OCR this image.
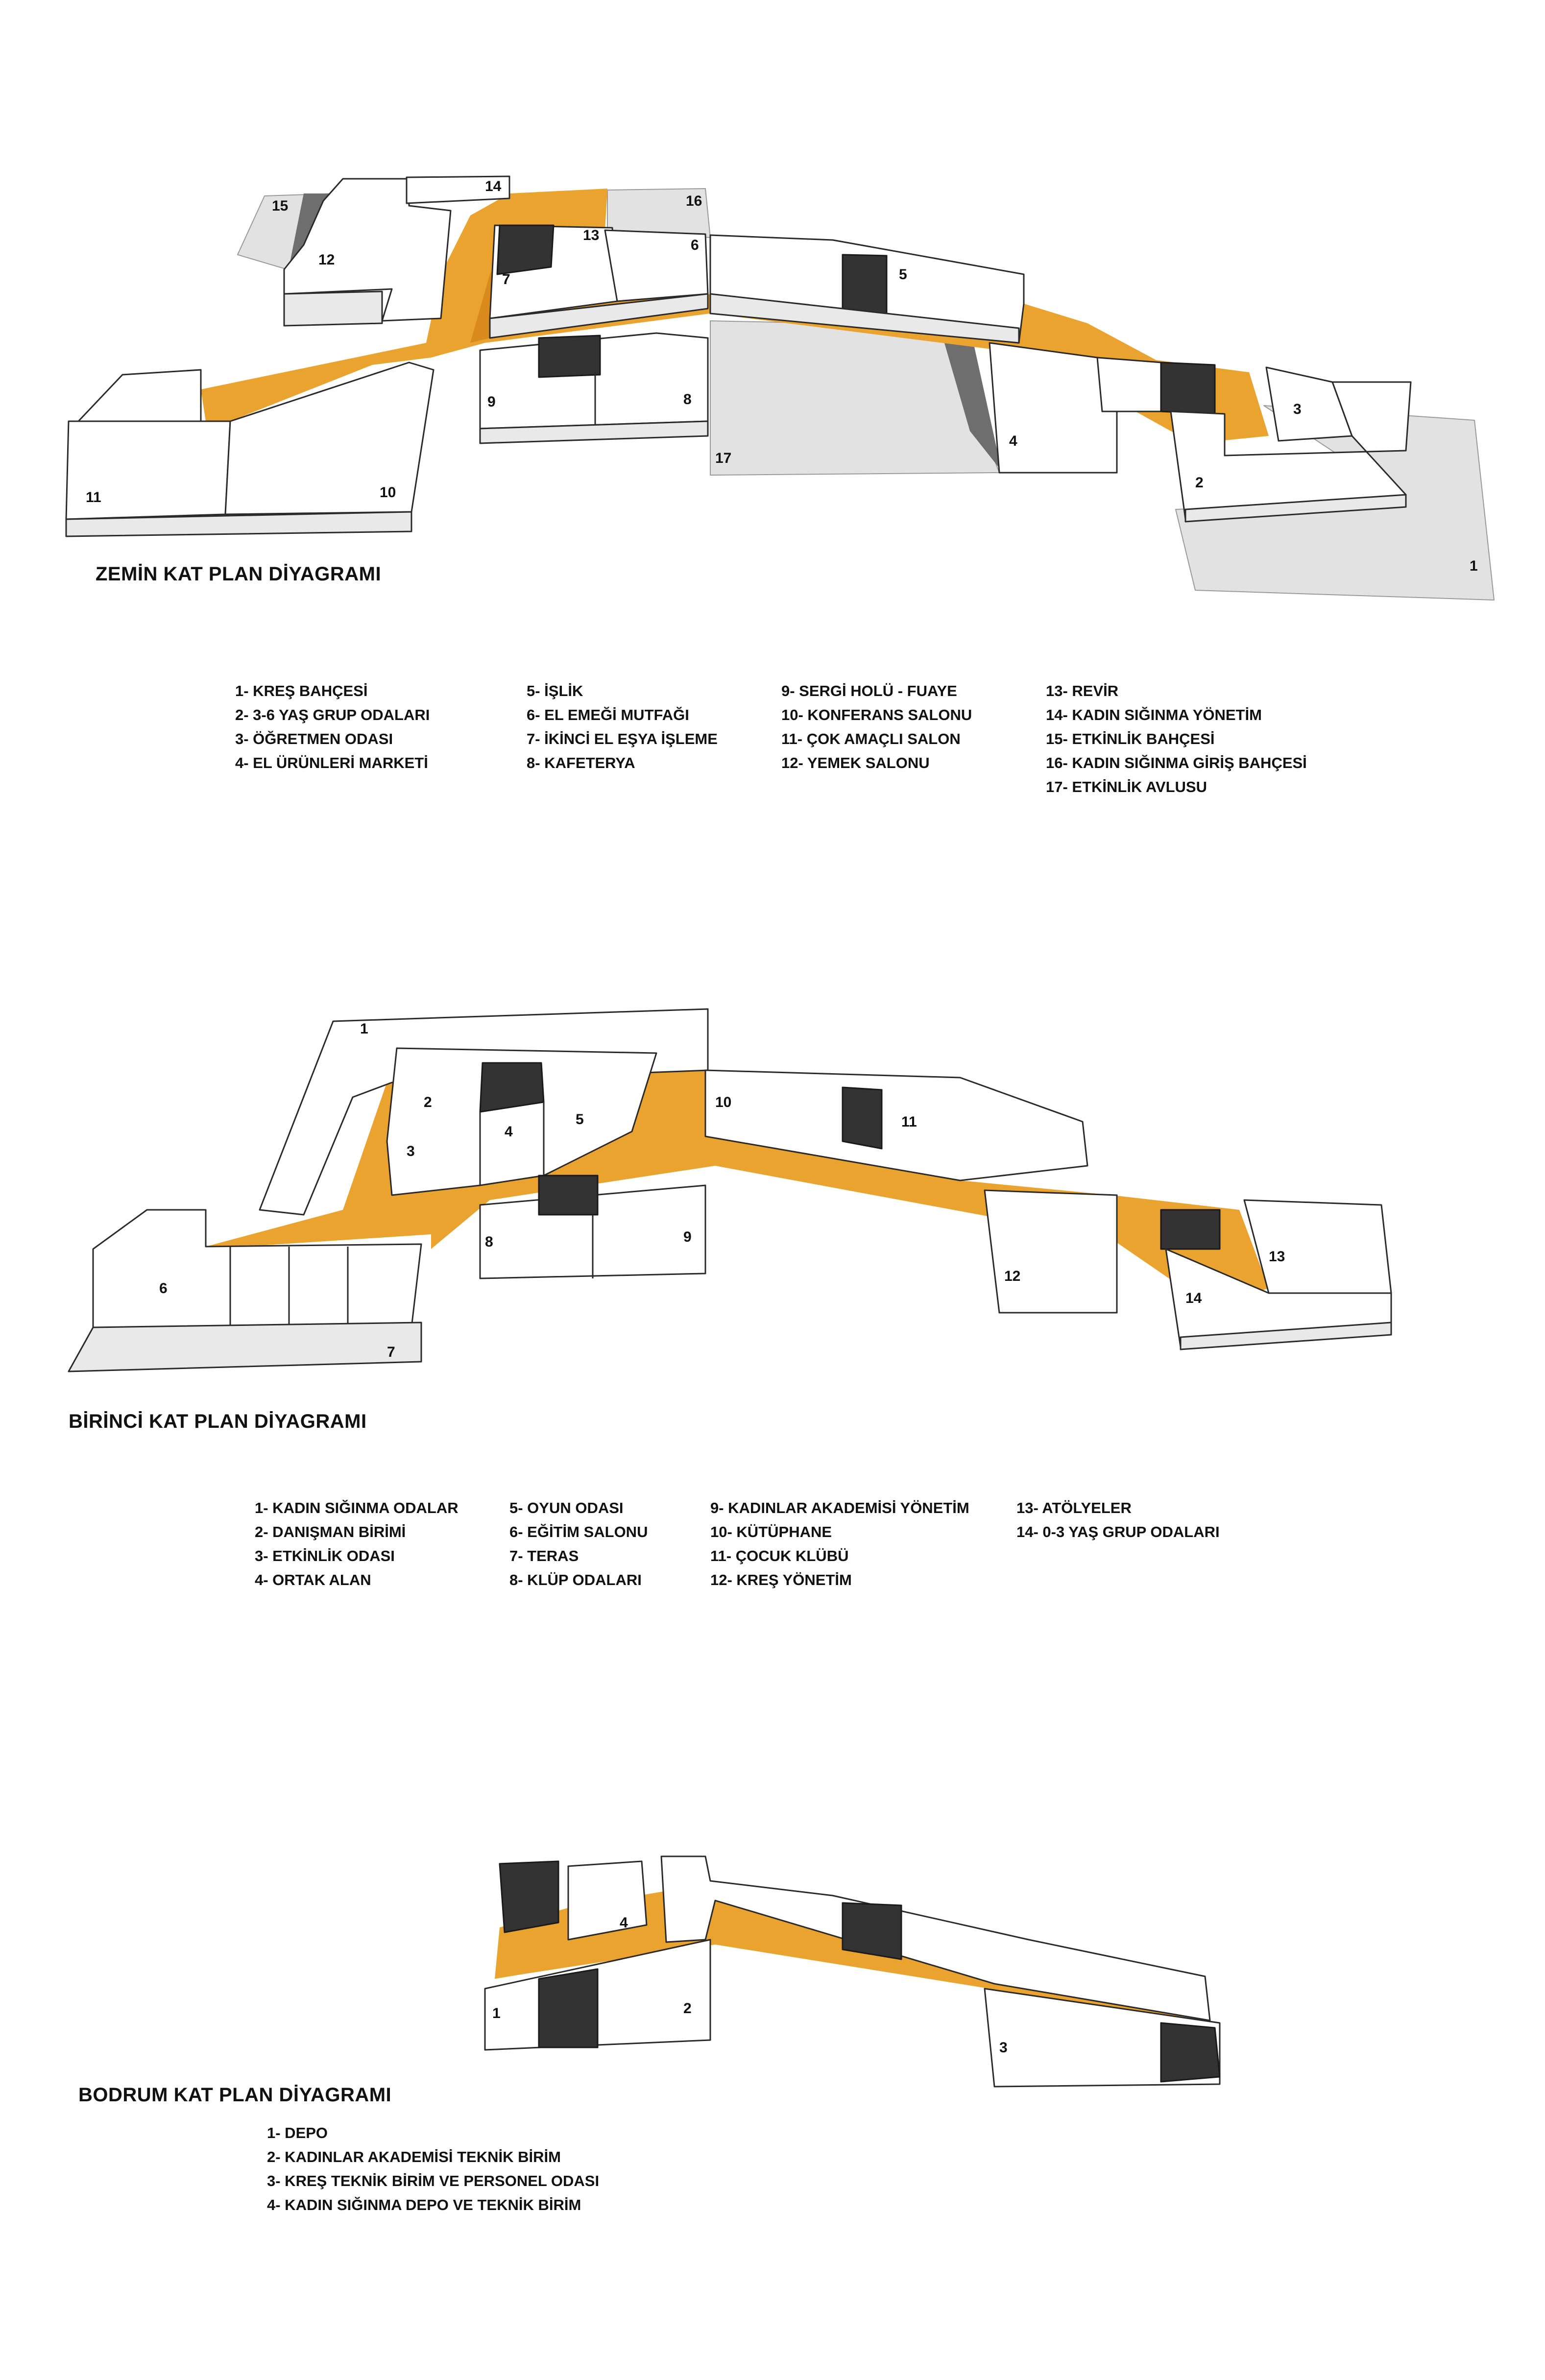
1
2
3
4
5
6
7
8
9
10
11
12
13
14
15	16
17
1
2
3
4
5
6
7
8	9
10
11
12
13
14
1	2
3
4
ZEMİN KAT PLAN DİYAGRAMI
BİRİNCİ KAT PLAN DİYAGRAMI
BODRUM KAT PLAN DİYAGRAMI
1- KREŞ BAHÇESİ
2- 3-6 YAŞ GRUP ODALARI
3- ÖĞRETMEN ODASI
4- EL ÜRÜNLERİ MARKETİ
5- İŞLİK
6- EL EMEĞİ MUTFAĞI
7- İKİNCİ EL EŞYA İŞLEME
8- KAFETERYA
9- SERGİ HOLÜ - FUAYE
10- KONFERANS SALONU
11- ÇOK AMAÇLI SALON
12- YEMEK SALONU
13- REVİR
14- KADIN SIĞINMA YÖNETİM
15- ETKİNLİK BAHÇESİ
16- KADIN SIĞINMA GİRİŞ BAHÇESİ
17- ETKİNLİK AVLUSU
1- KADIN SIĞINMA ODALAR
2- DANIŞMAN BİRİMİ
3- ETKİNLİK ODASI
4- ORTAK ALAN
5- OYUN ODASI
6- EĞİTİM SALONU
7- TERAS
8- KLÜP ODALARI
9- KADINLAR AKADEMİSİ YÖNETİM
10- KÜTÜPHANE
11- ÇOCUK KLÜBÜ
12- KREŞ YÖNETİM
13- ATÖLYELER
14- 0-3 YAŞ GRUP ODALARI
1- DEPO
2- KADINLAR AKADEMİSİ TEKNİK BİRİM
3- KREŞ TEKNİK BİRİM VE PERSONEL ODASI
4- KADIN SIĞINMA DEPO VE TEKNİK BİRİM
